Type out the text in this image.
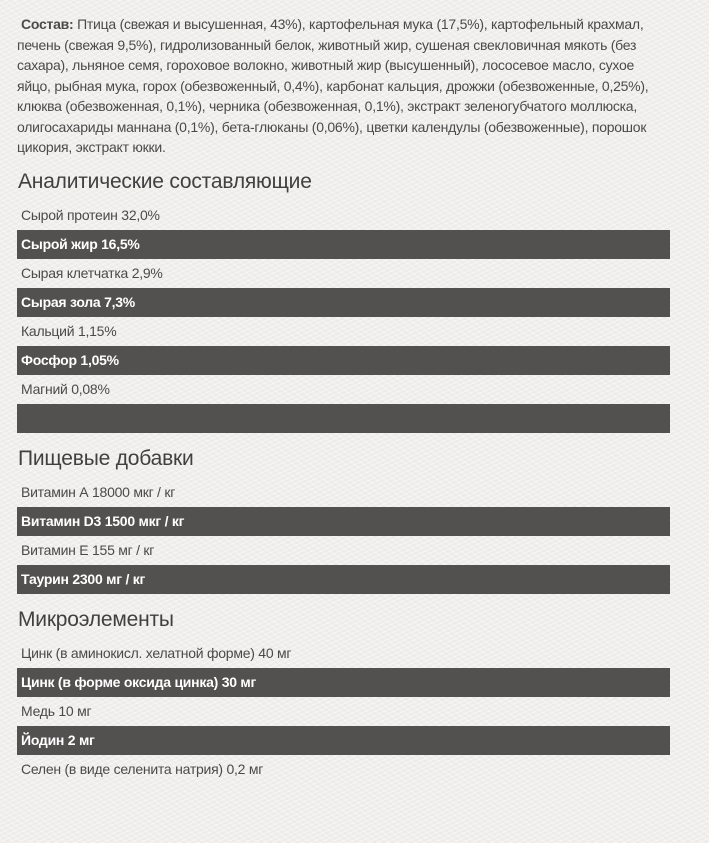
Состав: Птица (свежая и высушенная, 43%), картофельная мука (17,5%), картофельный крахмал, печень (свежая 9,5%), гидролизованный белок, животный жир, сушеная свекловичная мякоть (без сахара), льняное семя, гороховое волокно, животный жир (высушенный), лососевое масло, сухое яйцо, рыбная мука, горох (обезвоженный, 0,4%), карбонат кальция, дрожжи (обезвоженные, 0,25%), клюква (обезвоженная, 0,1%), черника (обезвоженная, 0,1%), экстракт зеленогубчатого моллюска, олигосахариды маннана (0,1%), бета-глюканы (0,06%), цветки календулы (обезвоженные), порошок цикория, экстракт юкки.

Аналитические составляющие
Сырой протеин 32,0%
Сырой жир 16,5%
Сырая клетчатка 2,9%
Сырая зола 7,3%
Кальций 1,15%
Фосфор 1,05%
Магний 0,08%
Пищевые добавки
Витамин А 18000 мкг / кг
Витамин D3 1500 мкг / кг
Витамин Е 155 мг / кг
Таурин 2300 мг / кг
Микроэлементы
Цинк (в аминокисл. хелатной форме) 40 мг
Цинк (в форме оксида цинка) 30 мг
Медь 10 мг
Йодин 2 мг
Селен (в виде селенита натрия) 0,2 мг
